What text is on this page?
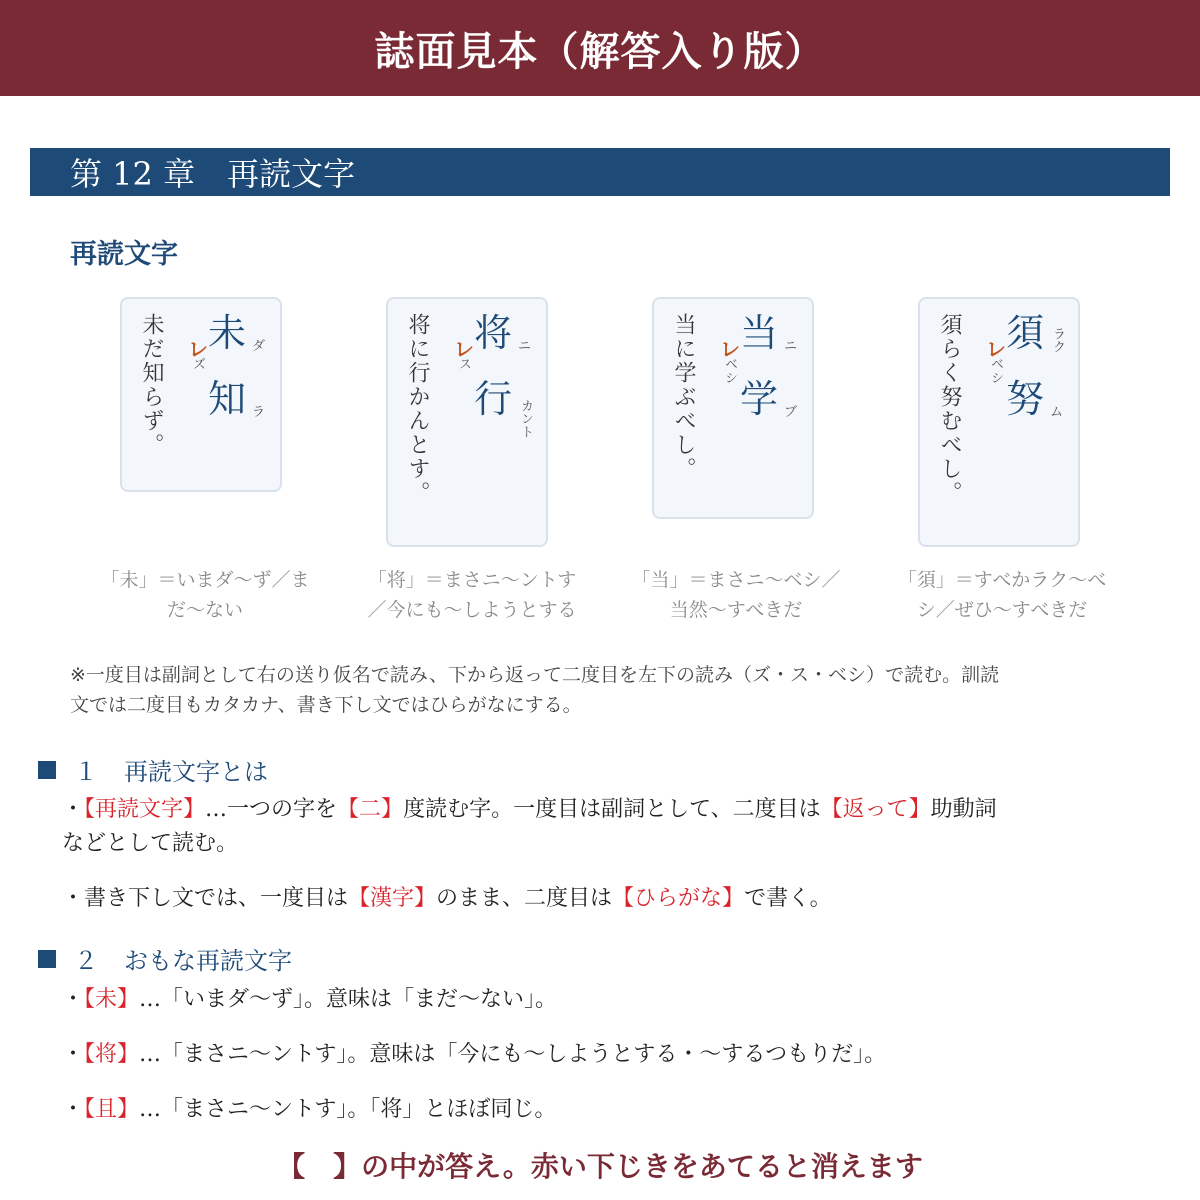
誌面見本（解答入り版）
第 12 章　再読文字
再読文字
未だ知らず。 未 ダ
レ
ズ
知 ラ	将に行かんとす。 将 ニ
レ
ス
行 カント	当に学ぶべし。 当 ニ
レ
ベシ
学 ブ	須らく努むべし。 須 ラク
レ
ベシ
努 ム
「未」＝いまダ〜ず／ま
だ〜ない
「将」＝まさニ〜ントす
／今にも〜しようとする
「当」＝まさニ〜ベシ／
当然〜すべきだ
「須」＝すべかラク〜べ
シ／ぜひ〜すべきだ
※一度目は副詞として右の送り仮名で読み、下から返って二度目を左下の読み（ズ・ス・ベシ）で読む。訓読
文では二度目もカタカナ、書き下し文ではひらがなにする。
１ 再読文字とは
・【再読文字】…一つの字を【二】度読む字。一度目は副詞として、二度目は【返って】助動詞
などとして読む。
・書き下し文では、一度目は【漢字】のまま、二度目は【ひらがな】で書く。
２ おもな再読文字
・【未】…「いまダ〜ず」。意味は「まだ〜ない」。
・【将】…「まさニ〜ントす」。意味は「今にも〜しようとする・〜するつもりだ」。
・【且】…「まさニ〜ントす」。「将」とほぼ同じ。
【　】の中が答え。赤い下じきをあてると消えます
